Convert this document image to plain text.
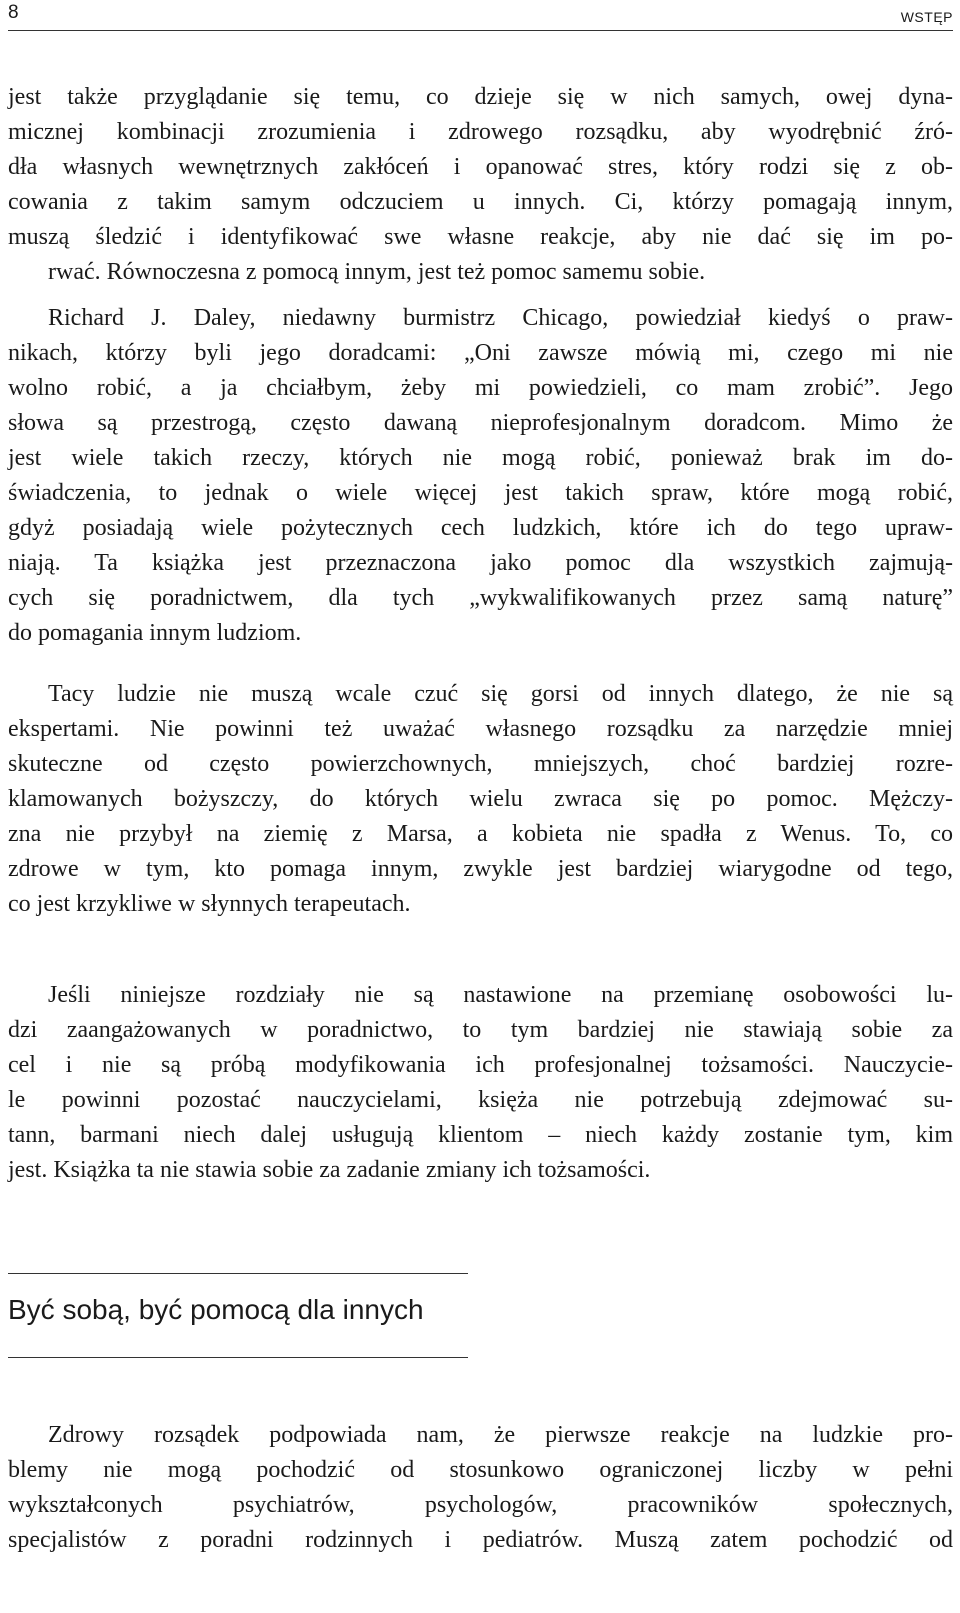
8	WSTĘP
jest także przyglądanie się temu, co dzieje się w nich samych, owej dyna-
micznej kombinacji zrozumienia i zdrowego rozsądku, aby wyodrębnić źró-
dła własnych wewnętrznych zakłóceń i opanować stres, który rodzi się z ob-
cowania z takim samym odczuciem u innych. Ci, którzy pomagają innym,
muszą śledzić i identyfikować swe własne reakcje, aby nie dać się im po-
rwać. Równoczesna z pomocą innym, jest też pomoc samemu sobie.
Richard J. Daley, niedawny burmistrz Chicago, powiedział kiedyś o praw-
nikach, którzy byli jego doradcami: „Oni zawsze mówią mi, czego mi nie
wolno robić, a ja chciałbym, żeby mi powiedzieli, co mam zrobić”. Jego
słowa są przestrogą, często dawaną nieprofesjonalnym doradcom. Mimo że
jest wiele takich rzeczy, których nie mogą robić, ponieważ brak im do-
świadczenia, to jednak o wiele więcej jest takich spraw, które mogą robić,
gdyż posiadają wiele pożytecznych cech ludzkich, które ich do tego upraw-
niają. Ta książka jest przeznaczona jako pomoc dla wszystkich zajmują-
cych się poradnictwem, dla tych „wykwalifikowanych przez samą naturę”
do pomagania innym ludziom.
Tacy ludzie nie muszą wcale czuć się gorsi od innych dlatego, że nie są
ekspertami. Nie powinni też uważać własnego rozsądku za narzędzie mniej
skuteczne od często powierzchownych, mniejszych, choć bardziej rozre-
klamowanych bożyszczy, do których wielu zwraca się po pomoc. Mężczy-
zna nie przybył na ziemię z Marsa, a kobieta nie spadła z Wenus. To, co
zdrowe w tym, kto pomaga innym, zwykle jest bardziej wiarygodne od tego,
co jest krzykliwe w słynnych terapeutach.
Jeśli niniejsze rozdziały nie są nastawione na przemianę osobowości lu-
dzi zaangażowanych w poradnictwo, to tym bardziej nie stawiają sobie za
cel i nie są próbą modyfikowania ich profesjonalnej tożsamości. Nauczycie-
le powinni pozostać nauczycielami, księża nie potrzebują zdejmować su-
tann, barmani niech dalej usługują klientom – niech każdy zostanie tym, kim
jest. Książka ta nie stawia sobie za zadanie zmiany ich tożsamości.
Być sobą, być pomocą dla innych
Zdrowy rozsądek podpowiada nam, że pierwsze reakcje na ludzkie pro-
blemy nie mogą pochodzić od stosunkowo ograniczonej liczby w pełni
wykształconych psychiatrów, psychologów, pracowników społecznych,
specjalistów z poradni rodzinnych i pediatrów. Muszą zatem pochodzić od
